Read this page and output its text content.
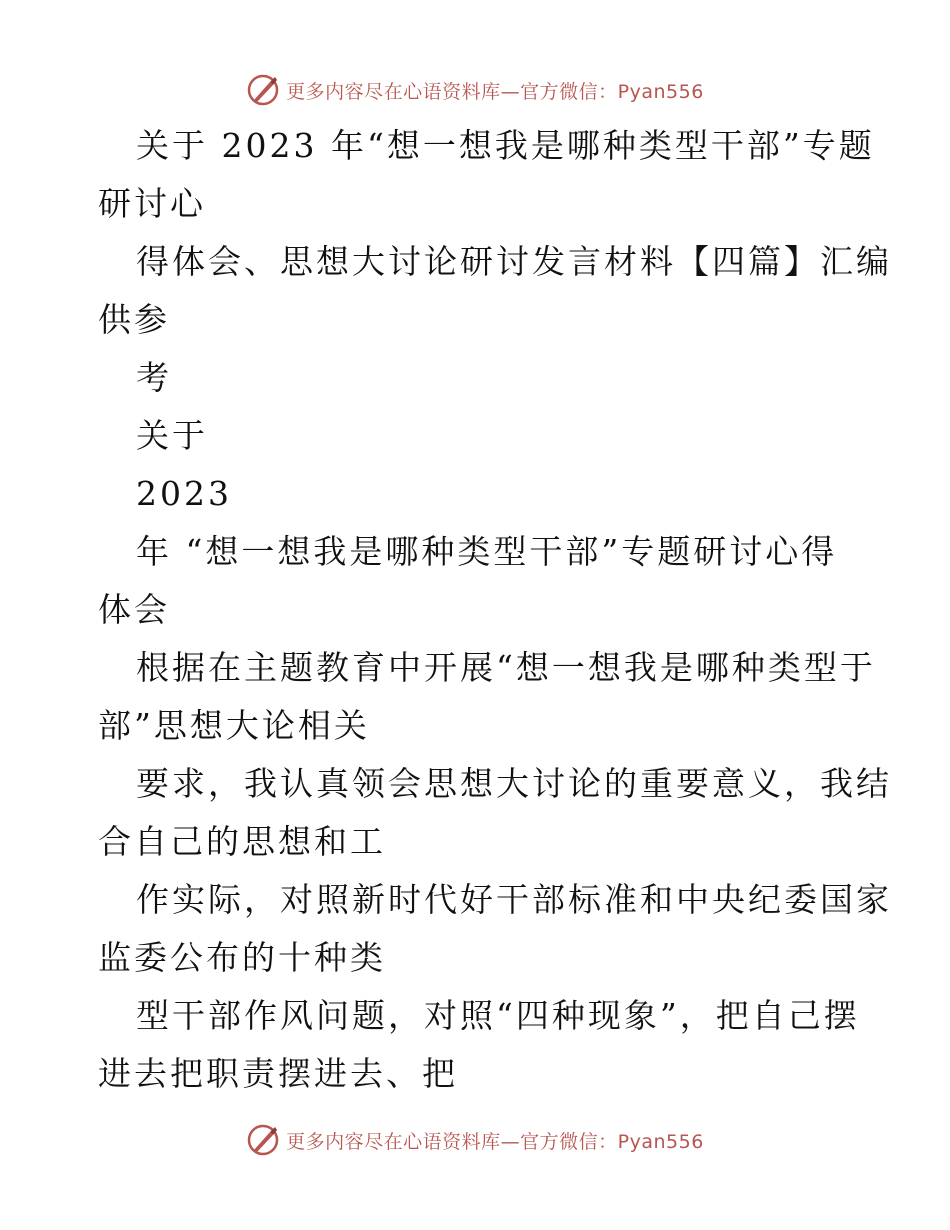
更多内容尽在心语资料库—官方微信：Pyan556
关于 2023 年“想一想我是哪种类型干部”专题
研讨心
得体会、思想大讨论研讨发言材料【四篇】汇编
供参
考
关于
2023
年 “想一想我是哪种类型干部”专题研讨心得
体会
根据在主题教育中开展“想一想我是哪种类型于
部”思想大论相关
要求，我认真领会思想大讨论的重要意义，我结
合自己的思想和工
作实际，对照新时代好干部标准和中央纪委国家
监委公布的十种类
型干部作风问题，对照“四种现象”，把自己摆
进去把职责摆进去、把
更多内容尽在心语资料库—官方微信：Pyan556
